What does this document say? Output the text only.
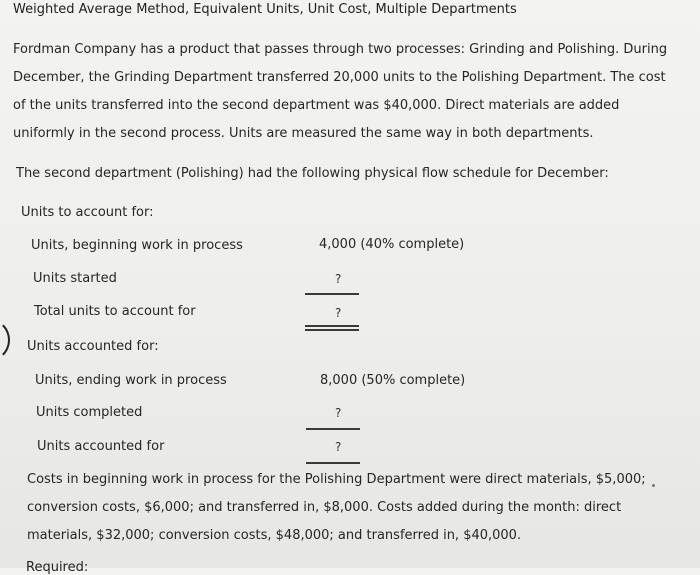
Weighted Average Method, Equivalent Units, Unit Cost, Multiple Departments
Fordman Company has a product that passes through two processes: Grinding and Polishing. During
December, the Grinding Department transferred 20,000 units to the Polishing Department. The cost
of the units transferred into the second department was $40,000. Direct materials are added
uniformly in the second process. Units are measured the same way in both departments.
The second department (Polishing) had the following physical flow schedule for December:
Units to account for:
Units, beginning work in process	4,000 (40% complete)
Units started	?
Total units to account for	?
Units accounted for:
Units, ending work in process	8,000 (50% complete)
Units completed	?
Units accounted for	?
Costs in beginning work in process for the Polishing Department were direct materials, $5,000;
conversion costs, $6,000; and transferred in, $8,000. Costs added during the month: direct
materials, $32,000; conversion costs, $48,000; and transferred in, $40,000.
Required:
